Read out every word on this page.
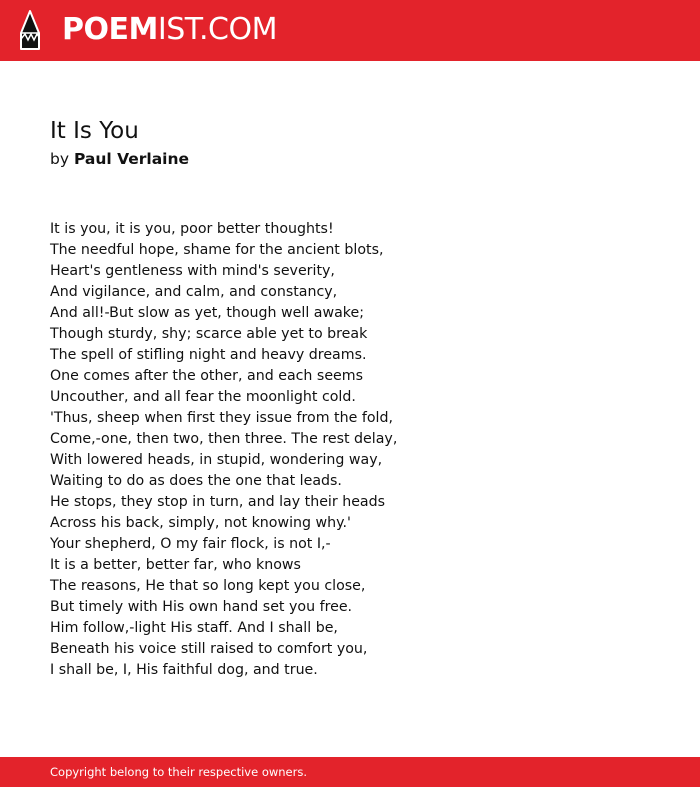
POEMIST.COM
It Is You
by Paul Verlaine
It is you, it is you, poor better thoughts!
The needful hope, shame for the ancient blots,
Heart's gentleness with mind's severity,
And vigilance, and calm, and constancy,
And all!-But slow as yet, though well awake;
Though sturdy, shy; scarce able yet to break
The spell of stifling night and heavy dreams.
One comes after the other, and each seems
Uncouther, and all fear the moonlight cold.
'Thus, sheep when first they issue from the fold,
Come,-one, then two, then three. The rest delay,
With lowered heads, in stupid, wondering way,
Waiting to do as does the one that leads.
He stops, they stop in turn, and lay their heads
Across his back, simply, not knowing why.'
Your shepherd, O my fair flock, is not I,-
It is a better, better far, who knows
The reasons, He that so long kept you close,
But timely with His own hand set you free.
Him follow,-light His staff. And I shall be,
Beneath his voice still raised to comfort you,
I shall be, I, His faithful dog, and true.
Copyright belong to their respective owners.
